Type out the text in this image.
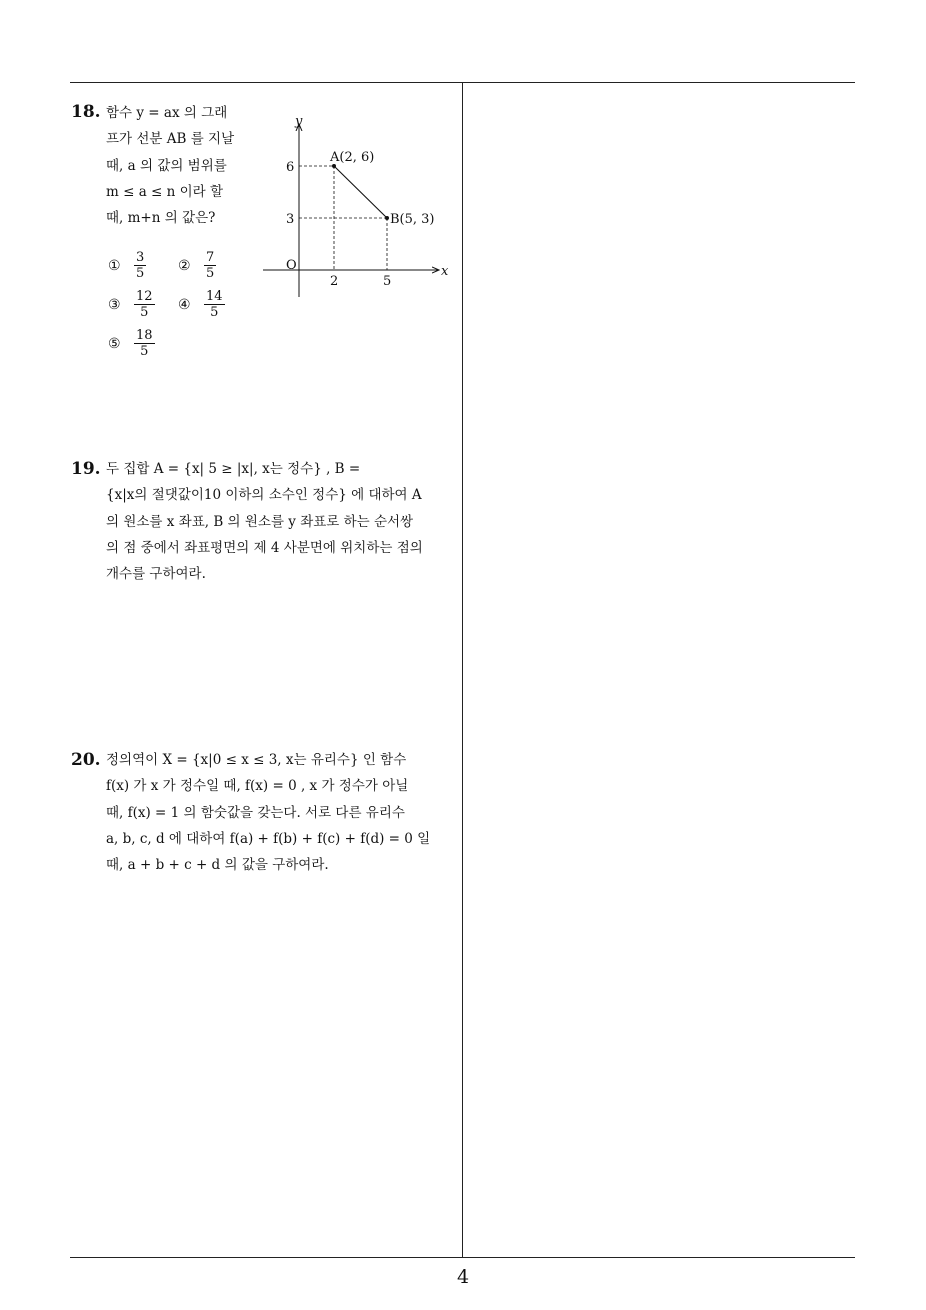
18. 함수 y = ax 의 그래
프가 선분 AB 를 지날
때, a 의 값의 범위를
m ≤ a ≤ n 이라 할
때, m+n 의 값은?
①	$\frac{3}{5}$ ②	$\frac{7}{5}$
③	$\frac{12}{5}$ ④	$\frac{14}{5}$
⑤	$\frac{18}{5}$
y
x
O
6
3
2	5
A(2, 6)
B(5, 3)
19. 두 집합 A = {x| 5 ≥ |x|, x는 정수} , B =
{x|x의 절댓값이10 이하의 소수인 정수} 에 대하여 A
의 원소를 x 좌표, B 의 원소를 y 좌표로 하는 순서쌍
의 점 중에서 좌표평면의 제 4 사분면에 위치하는 점의
개수를 구하여라.
20. 정의역이 X = {x|0 ≤ x ≤ 3, x는 유리수} 인 함수
f(x) 가 x 가 정수일 때, f(x) = 0 , x 가 정수가 아닐
때, f(x) = 1 의 함숫값을 갖는다. 서로 다른 유리수
a, b, c, d 에 대하여 f(a) + f(b) + f(c) + f(d) = 0 일
때, a + b + c + d 의 값을 구하여라.
4
